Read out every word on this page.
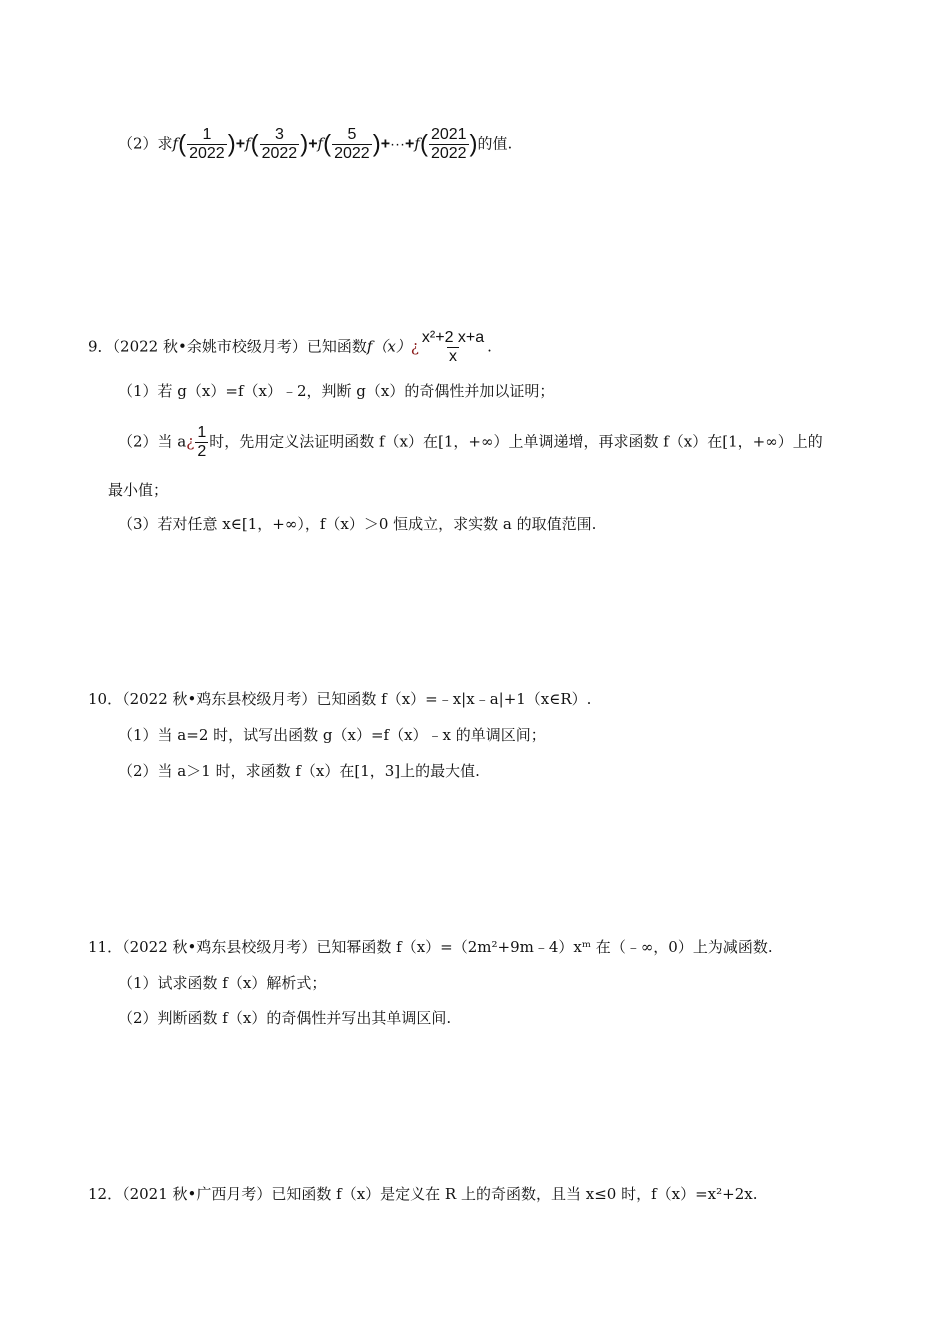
（2）求$f( \frac{1}{2022} )+f( \frac{3}{2022} )+f( \frac{5}{2022} )+\cdot\cdot\cdot+f( \frac{2021}{2022}$ )的值.
9．（2022 秋•余姚市校级月考）已知函数f（x）¿ $\frac{\text{x²+2 x+a}}{x}$ .
（1）若 g（x）=f（x）﹣2，判断 g（x）的奇偶性并加以证明；
（2）当 a¿ $\frac{1}{2}$ 时，先用定义法证明函数 f（x）在[1，+∞）上单调递增，再求函数 f（x）在[1，+∞）上的
最小值；
（3）若对任意 x∈[1，+∞），f（x）＞0 恒成立，求实数 a 的取值范围.
10．（2022 秋•鸡东县校级月考）已知函数 f（x）=﹣x|x﹣a|+1（x∈R）.
（1）当 a=2 时，试写出函数 g（x）=f（x）﹣x 的单调区间；
（2）当 a＞1 时，求函数 f（x）在[1，3]上的最大值.
11．（2022 秋•鸡东县校级月考）已知幂函数 f（x）=（2m²+9m﹣4）xᵐ 在（﹣∞，0）上为减函数.
（1）试求函数 f（x）解析式；
（2）判断函数 f（x）的奇偶性并写出其单调区间.
12．（2021 秋•广西月考）已知函数 f（x）是定义在 R 上的奇函数，且当 x≤0 时，f（x）=x²+2x.
